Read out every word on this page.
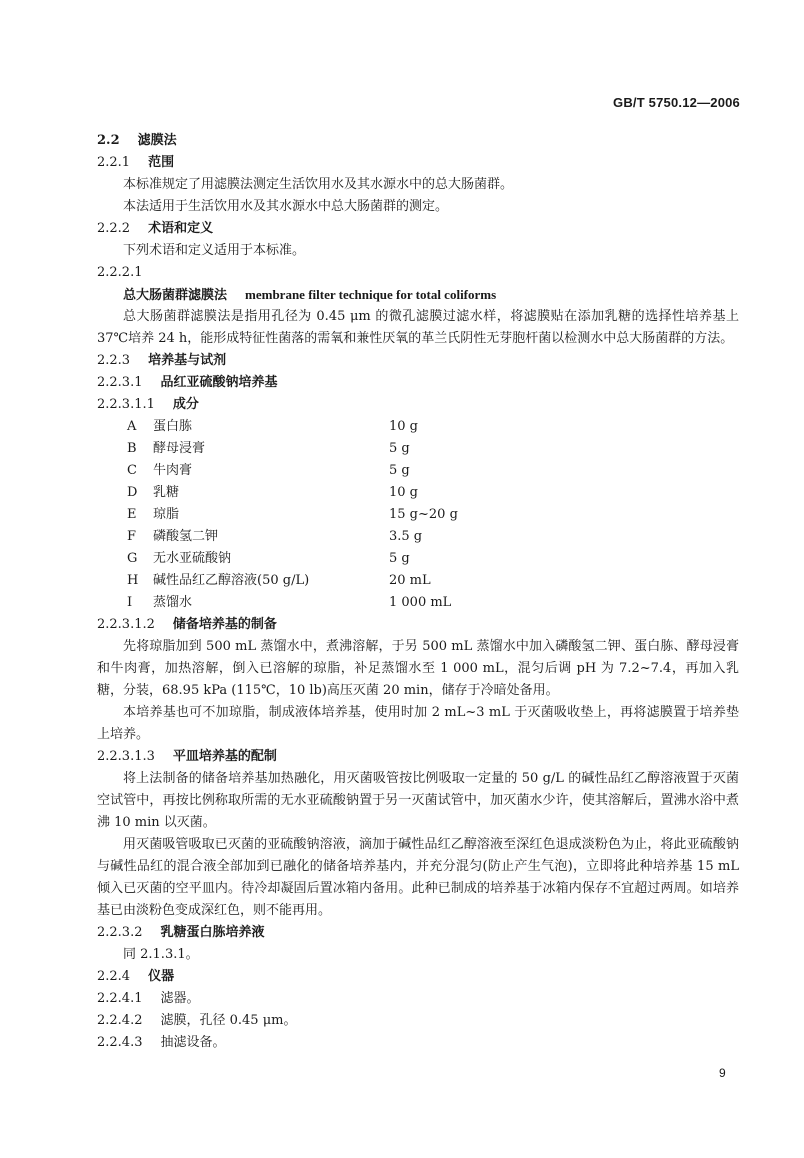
GB/T 5750.12—2006
2.2 滤膜法
2.2.1 范围
本标准规定了用滤膜法测定生活饮用水及其水源水中的总大肠菌群。
本法适用于生活饮用水及其水源水中总大肠菌群的测定。
2.2.2 术语和定义
下列术语和定义适用于本标准。
2.2.2.1
总大肠菌群滤膜法 membrane filter technique for total coliforms
总大肠菌群滤膜法是指用孔径为 0.45 μm 的微孔滤膜过滤水样，将滤膜贴在添加乳糖的选择性培养基上 37℃培养 24 h，能形成特征性菌落的需氧和兼性厌氧的革兰氏阴性无芽胞杆菌以检测水中总大肠菌群的方法。
2.2.3 培养基与试剂
2.2.3.1 品红亚硫酸钠培养基
2.2.3.1.1 成分
A 蛋白胨	10 g
B 酵母浸膏	5 g
C 牛肉膏	5 g
D 乳糖	10 g
E 琼脂	15 g~20 g
F 磷酸氢二钾	3.5 g
G 无水亚硫酸钠	5 g
H 碱性品红乙醇溶液(50 g/L)	20 mL
I 蒸馏水	1 000 mL
2.2.3.1.2 储备培养基的制备
先将琼脂加到 500 mL 蒸馏水中，煮沸溶解，于另 500 mL 蒸馏水中加入磷酸氢二钾、蛋白胨、酵母浸膏和牛肉膏，加热溶解，倒入已溶解的琼脂，补足蒸馏水至 1 000 mL，混匀后调 pH 为 7.2~7.4，再加入乳糖，分装，68.95 kPa (115℃，10 lb)高压灭菌 20 min，储存于冷暗处备用。
本培养基也可不加琼脂，制成液体培养基，使用时加 2 mL~3 mL 于灭菌吸收垫上，再将滤膜置于培养垫上培养。
2.2.3.1.3 平皿培养基的配制
将上法制备的储备培养基加热融化，用灭菌吸管按比例吸取一定量的 50 g/L 的碱性品红乙醇溶液置于灭菌空试管中，再按比例称取所需的无水亚硫酸钠置于另一灭菌试管中，加灭菌水少许，使其溶解后，置沸水浴中煮沸 10 min 以灭菌。
用灭菌吸管吸取已灭菌的亚硫酸钠溶液，滴加于碱性品红乙醇溶液至深红色退成淡粉色为止，将此亚硫酸钠与碱性品红的混合液全部加到已融化的储备培养基内，并充分混匀(防止产生气泡)，立即将此种培养基 15 mL 倾入已灭菌的空平皿内。待冷却凝固后置冰箱内备用。此种已制成的培养基于冰箱内保存不宜超过两周。如培养基已由淡粉色变成深红色，则不能再用。
2.2.3.2 乳糖蛋白胨培养液
同 2.1.3.1。
2.2.4 仪器
2.2.4.1 滤器。
2.2.4.2 滤膜，孔径 0.45 μm。
2.2.4.3 抽滤设备。
9
